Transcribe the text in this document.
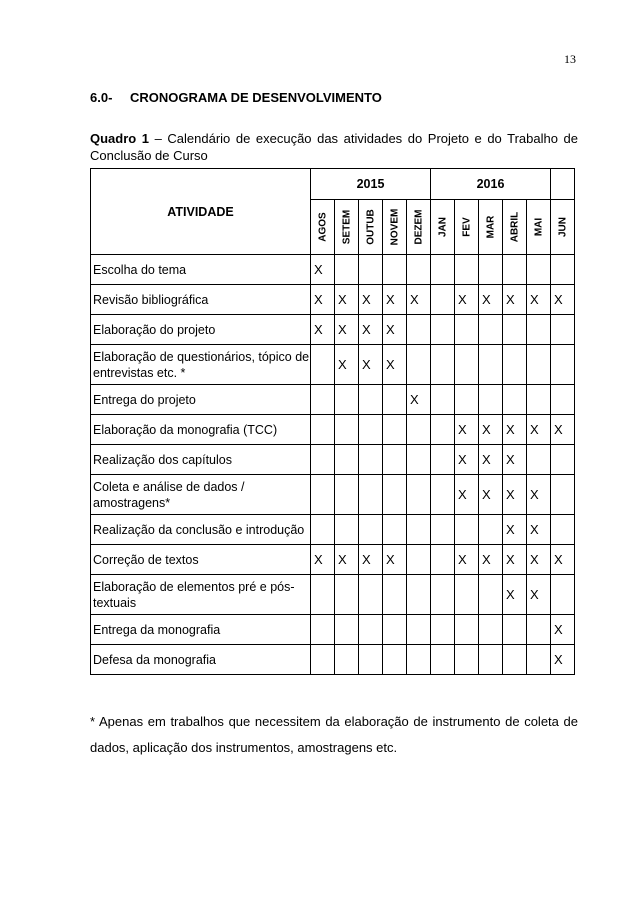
13
6.0- CRONOGRAMA DE DESENVOLVIMENTO
Quadro 1 – Calendário de execução das atividades do Projeto e do Trabalho de Conclusão de Curso
ATIVIDADE	2015					2016					

	AGOS	SETEM	OUTUB	NOVEM	DEZEM	JAN	FEV	MAR	ABRIL	MAI	JUN

Escolha do tema	X										
Revisão bibliográfica	X	X	X	X	X		X	X	X	X	X
Elaboração do projeto	X	X	X	X							
Elaboração de questionários, tópico de entrevistas etc. *		X	X	X							
Entrega do projeto					X						
Elaboração da monografia (TCC)							X	X	X	X	X
Realização dos capítulos							X	X	X		
Coleta e análise de dados / amostragens*							X	X	X	X	
Realização da conclusão e introdução									X	X	
Correção de textos	X	X	X	X			X	X	X	X	X
Elaboração de elementos pré e pós-textuais									X	X	
Entrega da monografia											X
Defesa da monografia											X
* Apenas em trabalhos que necessitem da elaboração de instrumento de coleta de dados, aplicação dos instrumentos, amostragens etc.
